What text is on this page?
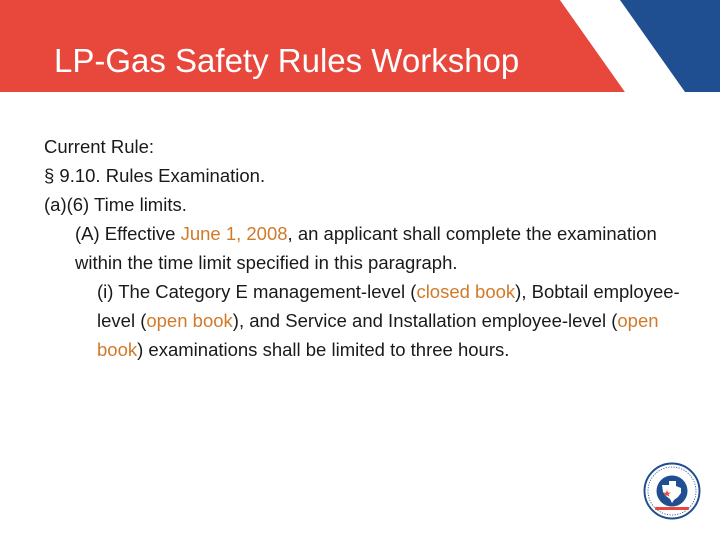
LP-Gas Safety Rules Workshop

Current Rule:

§ 9.10. Rules Examination.

(a)(6) Time limits.

(A) Effective June 1, 2008, an applicant shall complete the examination within the time limit specified in this paragraph.

(i) The Category E management-level (closed book), Bobtail employee-level (open book), and Service and Installation employee-level (open book) examinations shall be limited to three hours.
